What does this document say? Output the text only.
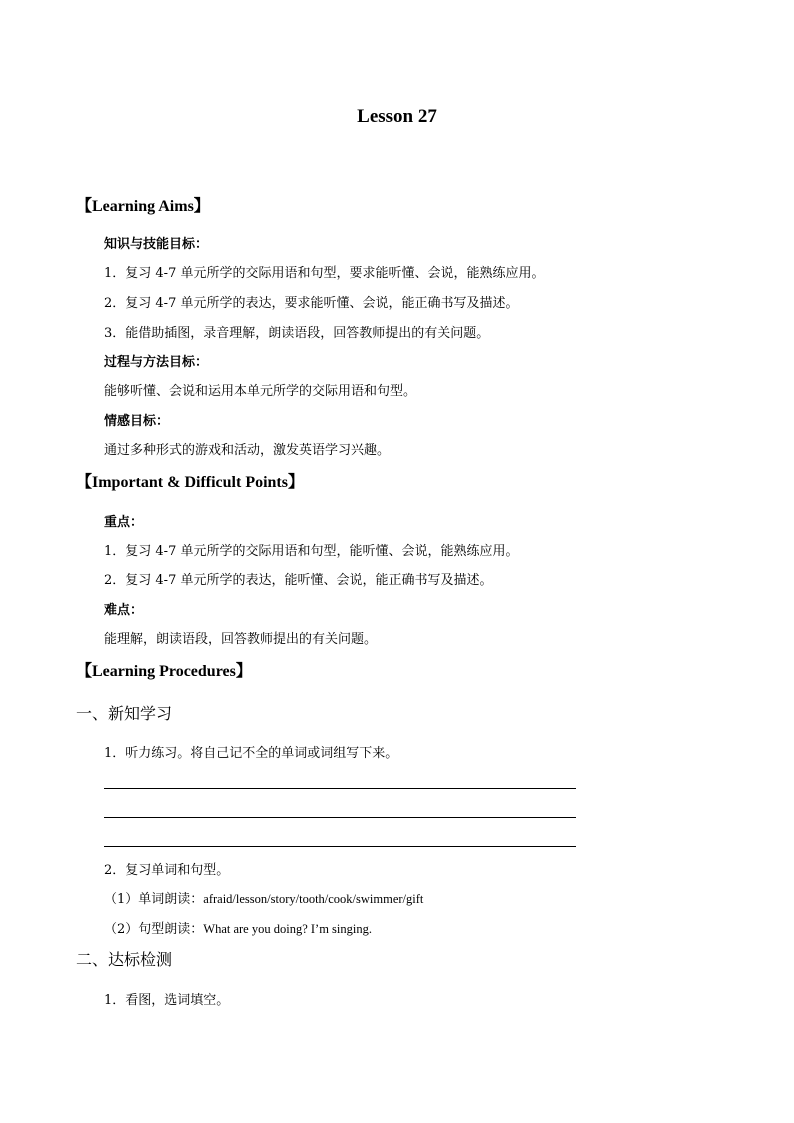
Lesson 27
【Learning Aims】
知识与技能目标：
1．复习 4-7 单元所学的交际用语和句型，要求能听懂、会说，能熟练应用。
2．复习 4-7 单元所学的表达，要求能听懂、会说，能正确书写及描述。
3．能借助插图，录音理解，朗读语段，回答教师提出的有关问题。
过程与方法目标：
能够听懂、会说和运用本单元所学的交际用语和句型。
情感目标：
通过多种形式的游戏和活动，激发英语学习兴趣。
【Important & Difficult Points】
重点：
1．复习 4-7 单元所学的交际用语和句型，能听懂、会说，能熟练应用。
2．复习 4-7 单元所学的表达，能听懂、会说，能正确书写及描述。
难点：
能理解，朗读语段，回答教师提出的有关问题。
【Learning Procedures】
一、新知学习
1．听力练习。将自己记不全的单词或词组写下来。
2．复习单词和句型。
（1）单词朗读：afraid/lesson/story/tooth/cook/swimmer/gift
（2）句型朗读：What are you doing? I’m singing.
二、达标检测
1．看图，选词填空。
